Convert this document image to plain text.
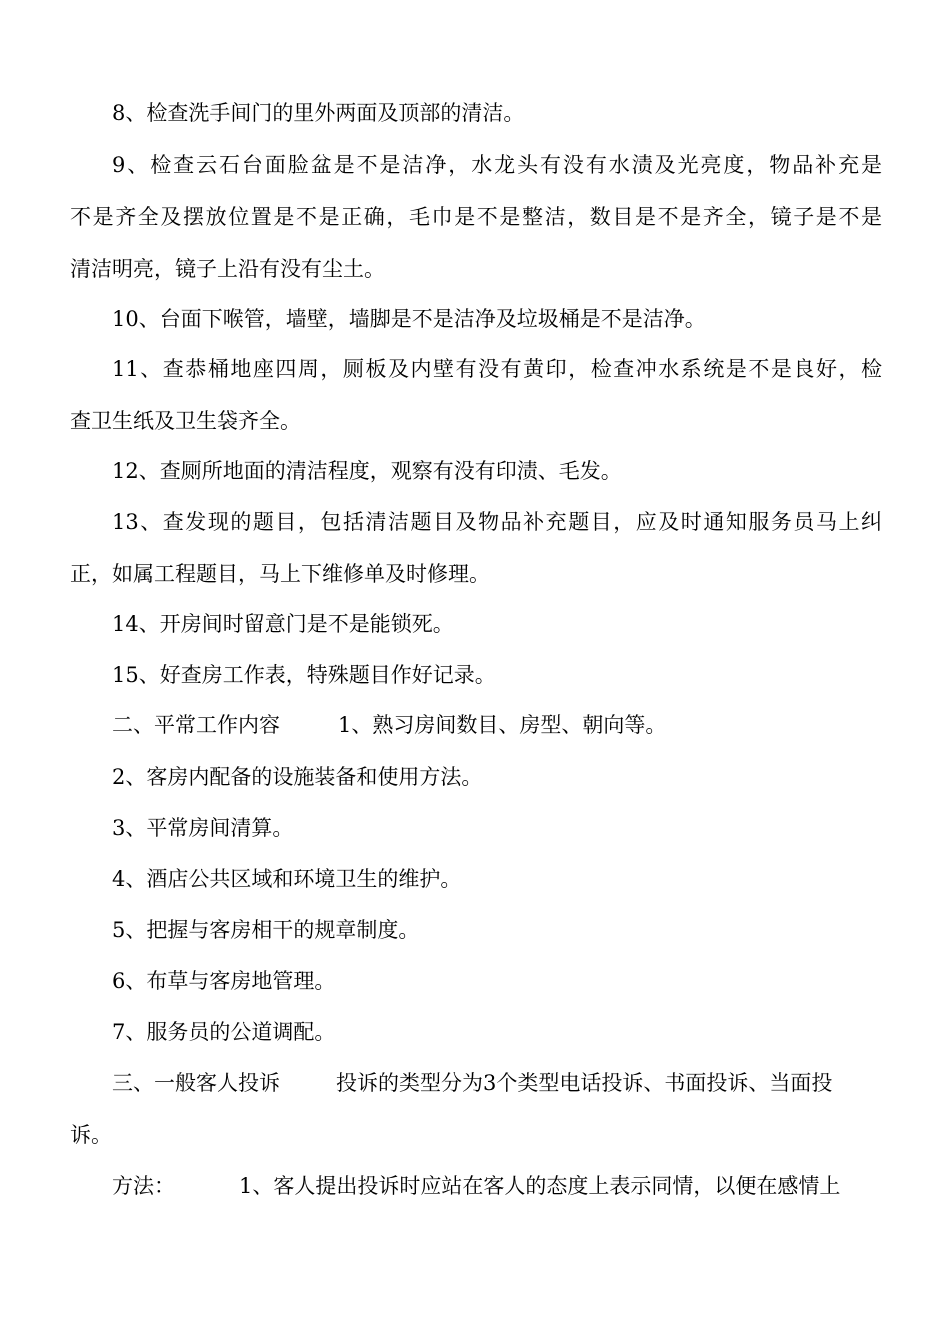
8、检查洗手间门的里外两面及顶部的清洁。
9、检查云石台面脸盆是不是洁净，水龙头有没有水渍及光亮度，物品补充是
不是齐全及摆放位置是不是正确，毛巾是不是整洁，数目是不是齐全，镜子是不是
清洁明亮，镜子上沿有没有尘土。
10、台面下喉管，墙壁，墙脚是不是洁净及垃圾桶是不是洁净。
11、查恭桶地座四周，厕板及内壁有没有黄印，检查冲水系统是不是良好，检
查卫生纸及卫生袋齐全。
12、查厕所地面的清洁程度，观察有没有印渍、毛发。
13、查发现的题目，包括清洁题目及物品补充题目，应及时通知服务员马上纠
正，如属工程题目，马上下维修单及时修理。
14、开房间时留意门是不是能锁死。
15、好查房工作表，特殊题目作好记录。
二、平常工作内容	1、熟习房间数目、房型、朝向等。
2、客房内配备的设施装备和使用方法。
3、平常房间清算。
4、酒店公共区域和环境卫生的维护。
5、把握与客房相干的规章制度。
6、布草与客房地管理。
7、服务员的公道调配。
三、一般客人投诉	投诉的类型分为3个类型电话投诉、书面投诉、当面投
诉。
方法：	1、客人提出投诉时应站在客人的态度上表示同情，以便在感情上
